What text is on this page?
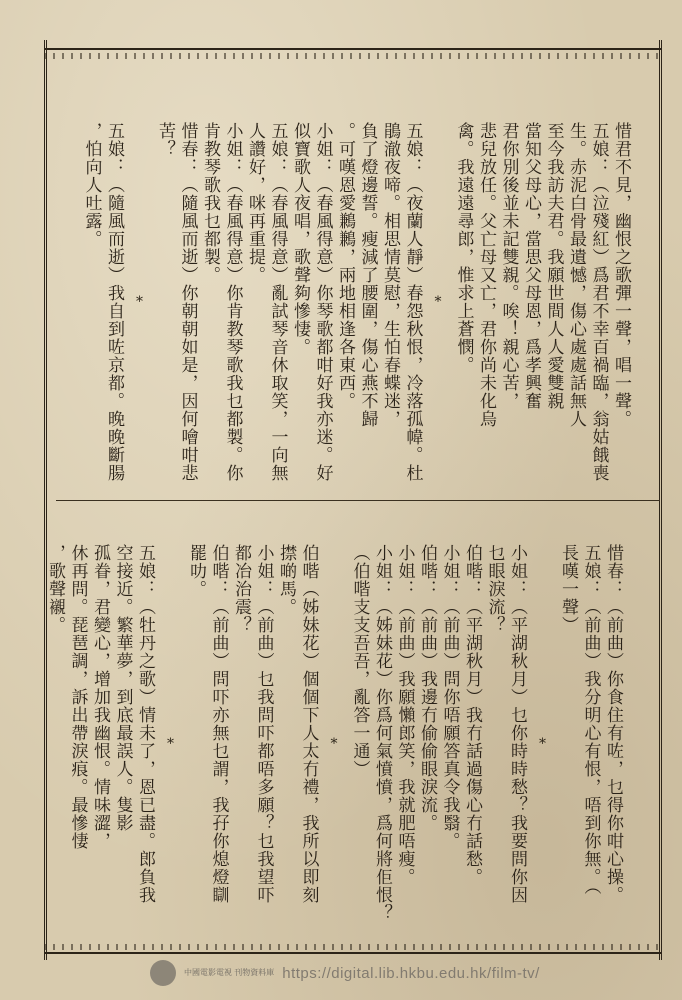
惜君不見，幽恨之歌彈一聲，唱一聲。
五娘：（泣殘紅）爲君不幸百禍臨，翁姑餓喪
生。赤泥白骨最遺憾，傷心處處話無人
至今我訪夫君。我願世間人人愛雙親
當知父母心，當思父母恩，爲孝興奮
君你別後並未記雙親。唉！親心苦，
悲兒放任。父亡母又亡，君你尚未化烏
禽。我遠遠尋郎，惟求上蒼憫。
*
五娘：（夜蘭人靜）春怨秋恨，冷落孤幃。杜
鵑澈夜啼。相思情莫慰，生怕春蝶迷，
負了燈邊誓。瘦減了腰圍，傷心燕不歸
。可嘆恩愛鶼鶼，兩地相逢各東西。
小姐：（春風得意）你琴歌都咁好我亦迷。好
似寶歌人夜唱，歌聲夠慘悽。
五娘：（春風得意）亂試琴音休取笑，一向無
人讚好，咪再重提。
小姐：（春風得意）你肯教琴歌我乜都製。你
肯教琴歌我乜都製。
惜春：（隨風而逝）你朝朝如是，因何噲咁悲
苦？
*
五娘：（隨風而逝）我自到咗京都。晚晚斷腸
，怕向人吐露。
惜春：（前曲）你食住有咗，乜得你咁心操。
五娘：（前曲）我分明心有恨，唔到你無。（
長嘆一聲）
*
小姐：（平湖秋月）乜你時時愁？我要問你因
乜眼淚流？
伯喈：（平湖秋月）我冇話過傷心冇話愁。
小姐：（前曲）問你唔願答真令我翳。
伯喈：（前曲）我邊冇偷偷眼淚流。
小姐：（前曲）我願懶郎笑，我就肥唔瘦。
小姐：（姊妹花）你爲何氣憤憤，爲何將佢恨？
（伯喈支支吾吾，亂答一通）
*
伯喈（姊妹花）個個下人太冇禮，我所以即刻
㩒啲馬。
小姐：（前曲）乜我問吓都唔多願？乜我望吓
都冶治震？
伯喈：（前曲）問吓亦無乜謂，我孖你熄燈瞓
罷叻。
*
五娘：（牡丹之歌）情未了，恩已盡。郎負我
空接近。繁華夢，到底最誤人。隻影
孤眷，君變心，增加我幽恨。情味澀，
休再問。琵琶調，訴出帶淚痕。最慘悽
，歌聲襯。
中國電影電視 刊物資料庫 https://digital.lib.hkbu.edu.hk/film-tv/
